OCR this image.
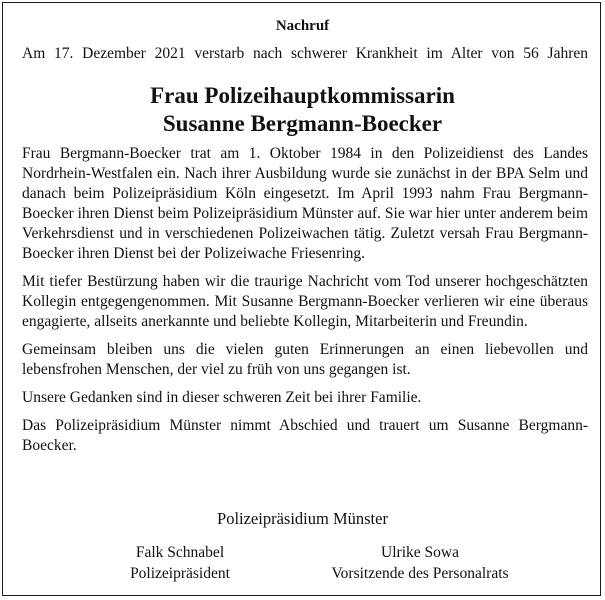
Nachruf
Am 17. Dezember 2021 verstarb nach schwerer Krankheit im Alter von 56 Jahren
Frau Polizeihauptkommissarin
Susanne Bergmann-Boecker

Frau Bergmann-Boecker trat am 1. Oktober 1984 in den Polizeidienst des Landes Nordrhein-Westfalen ein. Nach ihrer Ausbildung wurde sie zunächst in der BPA Selm und danach beim Polizeipräsidium Köln eingesetzt. Im April 1993 nahm Frau Bergmann-Boecker ihren Dienst beim Polizeipräsidium Münster auf. Sie war hier unter anderem beim Verkehrsdienst und in verschiedenen Polizeiwachen tätig. Zuletzt versah Frau Bergmann-Boecker ihren Dienst bei der Polizeiwache Friesenring.

Mit tiefer Bestürzung haben wir die traurige Nachricht vom Tod unserer hochgeschätzten Kollegin entgegengenommen. Mit Susanne Bergmann-Boecker verlieren wir eine überaus engagierte, allseits anerkannte und beliebte Kollegin, Mitarbeiterin und Freundin.

Gemeinsam bleiben uns die vielen guten Erinnerungen an einen liebevollen und lebensfrohen Menschen, der viel zu früh von uns gegangen ist.

Unsere Gedanken sind in dieser schweren Zeit bei ihrer Familie.

Das Polizeipräsidium Münster nimmt Abschied und trauert um Susanne Bergmann-Boecker.

Polizeipräsidium Münster
Falk Schnabel
Polizeipräsident
Ulrike Sowa
Vorsitzende des Personalrats
